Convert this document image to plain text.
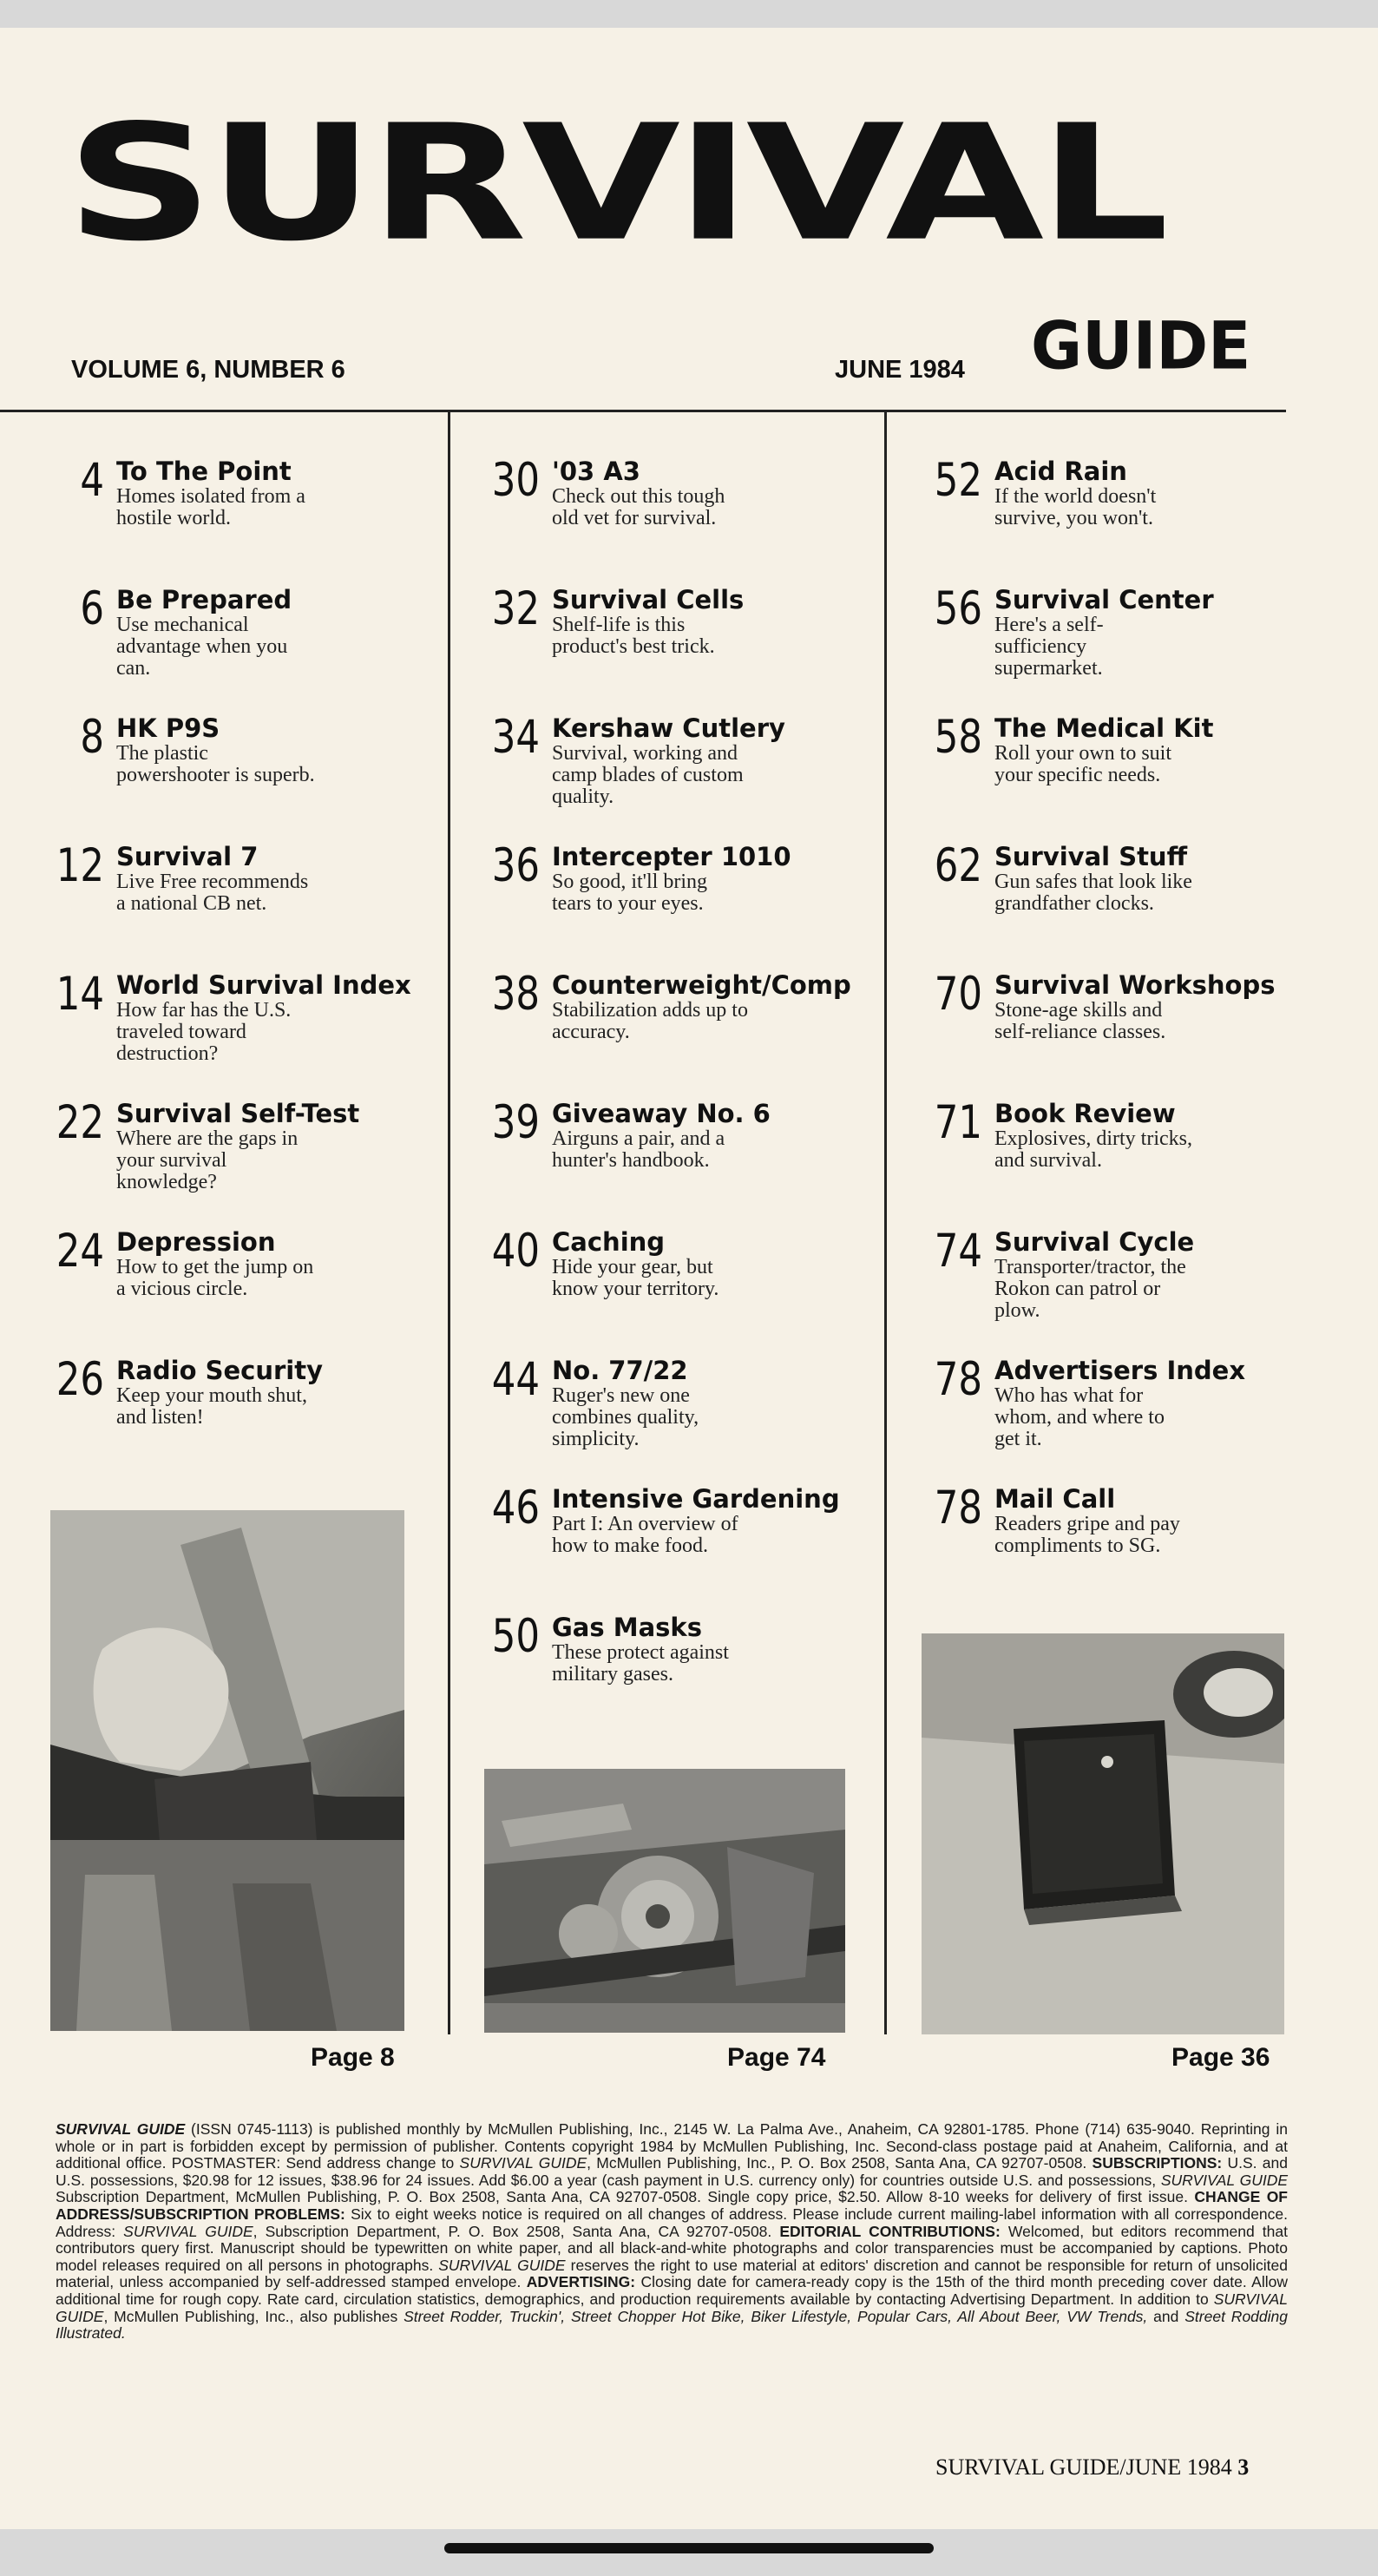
SURVIVAL
GUIDE
VOLUME 6, NUMBER 6	JUNE 1984
4 To The Point
Homes isolated from a hostile world.
6 Be Prepared
Use mechanical advantage when you can.
8 HK P9S
The plastic powershooter is superb.
12 Survival 7
Live Free recommends a national CB net.
14 World Survival Index
How far has the U.S. traveled toward destruction?
22 Survival Self-Test
Where are the gaps in your survival knowledge?
24 Depression
How to get the jump on a vicious circle.
26 Radio Security
Keep your mouth shut, and listen!
30 '03 A3
Check out this tough old vet for survival.
32 Survival Cells
Shelf-life is this product's best trick.
34 Kershaw Cutlery
Survival, working and camp blades of custom quality.
36 Intercepter 1010
So good, it'll bring tears to your eyes.
38 Counterweight/Comp
Stabilization adds up to accuracy.
39 Giveaway No. 6
Airguns a pair, and a hunter's handbook.
40 Caching
Hide your gear, but know your territory.
44 No. 77/22
Ruger's new one combines quality, simplicity.
46 Intensive Gardening
Part I: An overview of how to make food.
50 Gas Masks
These protect against military gases.
52 Acid Rain
If the world doesn't survive, you won't.
56 Survival Center
Here's a self-sufficiency supermarket.
58 The Medical Kit
Roll your own to suit your specific needs.
62 Survival Stuff
Gun safes that look like grandfather clocks.
70 Survival Workshops
Stone-age skills and self-reliance classes.
71 Book Review
Explosives, dirty tricks, and survival.
74 Survival Cycle
Transporter/tractor, the Rokon can patrol or plow.
78 Advertisers Index
Who has what for whom, and where to get it.
78 Mail Call
Readers gripe and pay compliments to SG.
Page 8	Page 74	Page 36
SURVIVAL GUIDE (ISSN 0745-1113) is published monthly by McMullen Publishing, Inc., 2145 W. La Palma Ave., Anaheim, CA 92801-1785. Phone (714) 635-9040. Reprinting in whole or in part is forbidden except by permission of publisher. Contents copyright 1984 by McMullen Publishing, Inc. Second-class postage paid at Anaheim, California, and at additional office. POSTMASTER: Send address change to SURVIVAL GUIDE, McMullen Publishing, Inc., P. O. Box 2508, Santa Ana, CA 92707-0508. SUBSCRIPTIONS: U.S. and U.S. possessions, $20.98 for 12 issues, $38.96 for 24 issues. Add $6.00 a year (cash payment in U.S. currency only) for countries outside U.S. and possessions, SURVIVAL GUIDE Subscription Department, McMullen Publishing, P. O. Box 2508, Santa Ana, CA 92707-0508. Single copy price, $2.50. Allow 8-10 weeks for delivery of first issue. CHANGE OF ADDRESS/SUBSCRIPTION PROBLEMS: Six to eight weeks notice is required on all changes of address. Please include current mailing-label information with all correspondence. Address: SURVIVAL GUIDE, Subscription Department, P. O. Box 2508, Santa Ana, CA 92707-0508. EDITORIAL CONTRIBUTIONS: Welcomed, but editors recommend that contributors query first. Manuscript should be typewritten on white paper, and all black-and-white photographs and color transparencies must be accompanied by captions. Photo model releases required on all persons in photographs. SURVIVAL GUIDE reserves the right to use material at editors' discretion and cannot be responsible for return of unsolicited material, unless accompanied by self-addressed stamped envelope. ADVERTISING: Closing date for camera-ready copy is the 15th of the third month preceding cover date. Allow additional time for rough copy. Rate card, circulation statistics, demographics, and production requirements available by contacting Advertising Department. In addition to SURVIVAL GUIDE, McMullen Publishing, Inc., also publishes Street Rodder, Truckin', Street Chopper Hot Bike, Biker Lifestyle, Popular Cars, All About Beer, VW Trends, and Street Rodding Illustrated.
SURVIVAL GUIDE/JUNE 1984 3
